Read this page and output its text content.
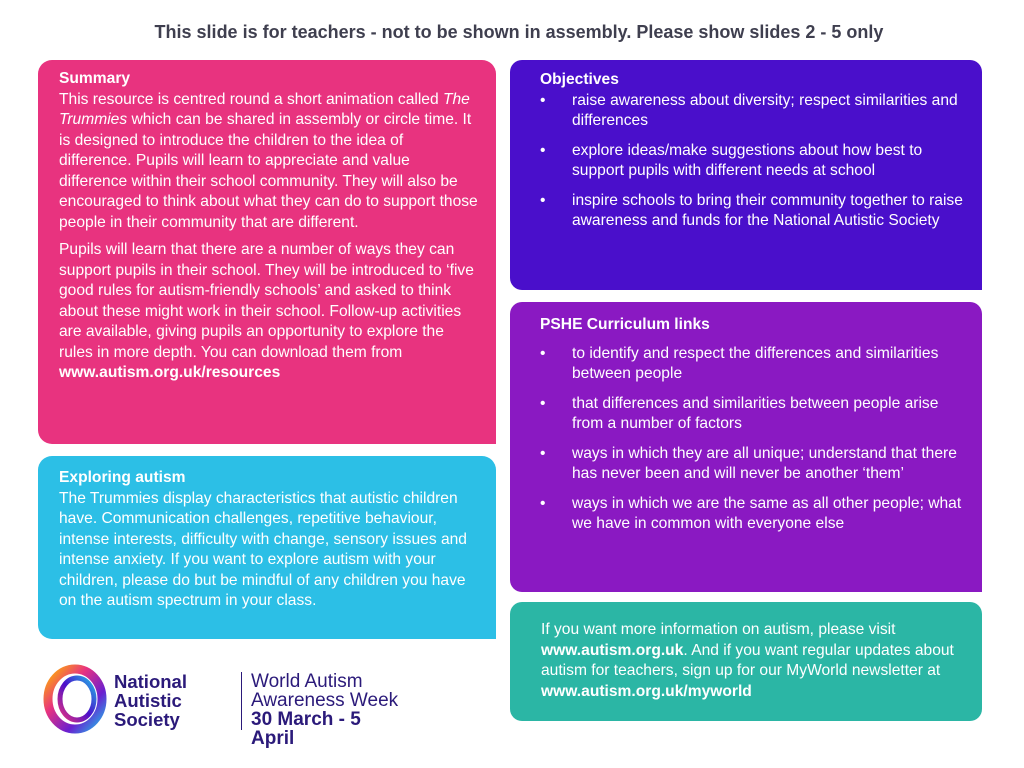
This slide is for teachers - not to be shown in assembly. Please show slides 2 - 5 only
Summary

This resource is centred round a short animation called The Trummies which can be shared in assembly or circle time. It is designed to introduce the children to the idea of difference. Pupils will learn to appreciate and value difference within their school community. They will also be encouraged to think about what they can do to support those people in their community that are different.

Pupils will learn that there are a number of ways they can support pupils in their school. They will be introduced to ‘five good rules for autism-friendly schools’ and asked to think about these might work in their school. Follow-up activities are available, giving pupils an opportunity to explore the rules in more depth. You can download them from
www.autism.org.uk/resources

Exploring autism
The Trummies display characteristics that autistic children have. Communication challenges, repetitive behaviour, intense interests, difficulty with change, sensory issues and intense anxiety. If you want to explore autism with your children, please do but be mindful of any children you have on the autism spectrum in your class.
Objectives
• raise awareness about diversity; respect similarities and differences
• explore ideas/make suggestions about how best to support pupils with different needs at school
• inspire schools to bring their community together to raise awareness and funds for the National Autistic Society
PSHE Curriculum links
• to identify and respect the differences and similarities between people
• that differences and similarities between people arise from a number of factors
• ways in which they are all unique; understand that there has never been and will never be another ‘them’
• ways in which we are the same as all other people; what we have in common with everyone else
If you want more information on autism, please visit www.autism.org.uk. And if you want regular updates about autism for teachers, sign up for our MyWorld newsletter at www.autism.org.uk/myworld
National
Autistic
Society
World Autism
Awareness Week
30 March - 5 April
